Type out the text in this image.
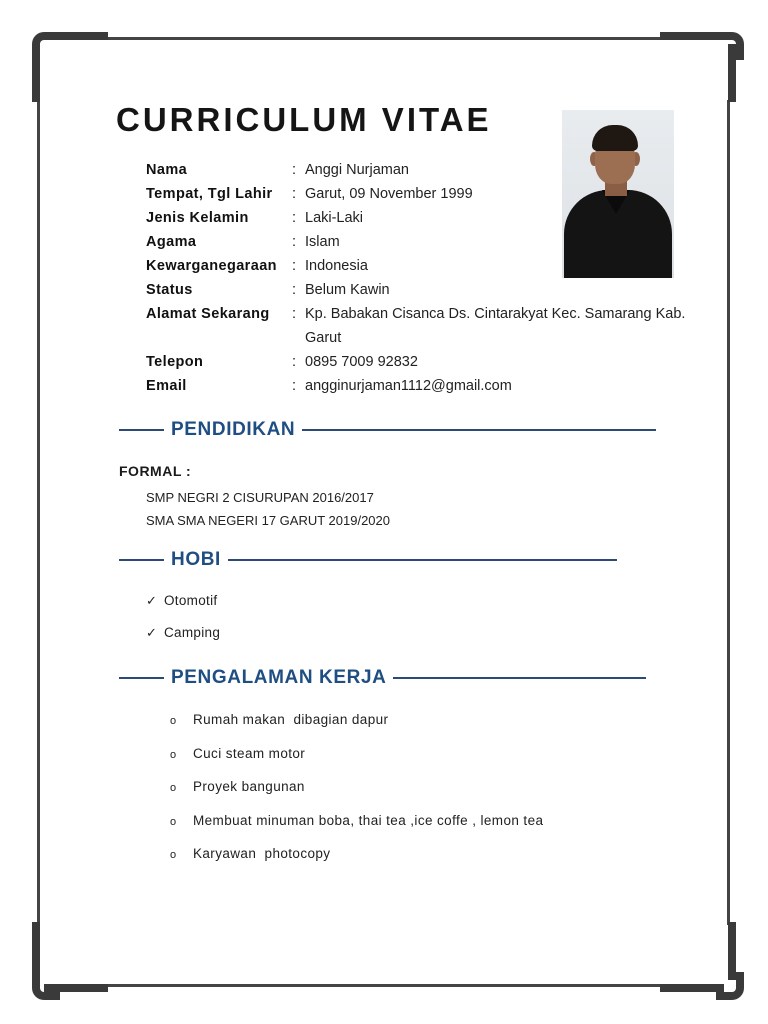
CURRICULUM VITAE
Nama	: Anggi Nurjaman
Tempat, Tgl Lahir	: Garut, 09 November 1999
Jenis Kelamin	: Laki-Laki
Agama	: Islam
Kewarganegaraan	: Indonesia
Status	: Belum Kawin
Alamat Sekarang	: Kp. Babakan Cisanca Ds. Cintarakyat Kec. Samarang Kab. Garut
Telepon	: 0895 7009 92832
Email	: angginurjaman1112@gmail.com
PENDIDIKAN
FORMAL :
SMP NEGRI 2 CISURUPAN 2016/2017
SMA SMA NEGERI 17 GARUT 2019/2020
HOBI
✓ Otomotif
✓ Camping
PENGALAMAN KERJA
o Rumah makan  dibagian dapur
o Cuci steam motor
o Proyek bangunan
o Membuat minuman boba, thai tea ,ice coffe , lemon tea
o Karyawan  photocopy
